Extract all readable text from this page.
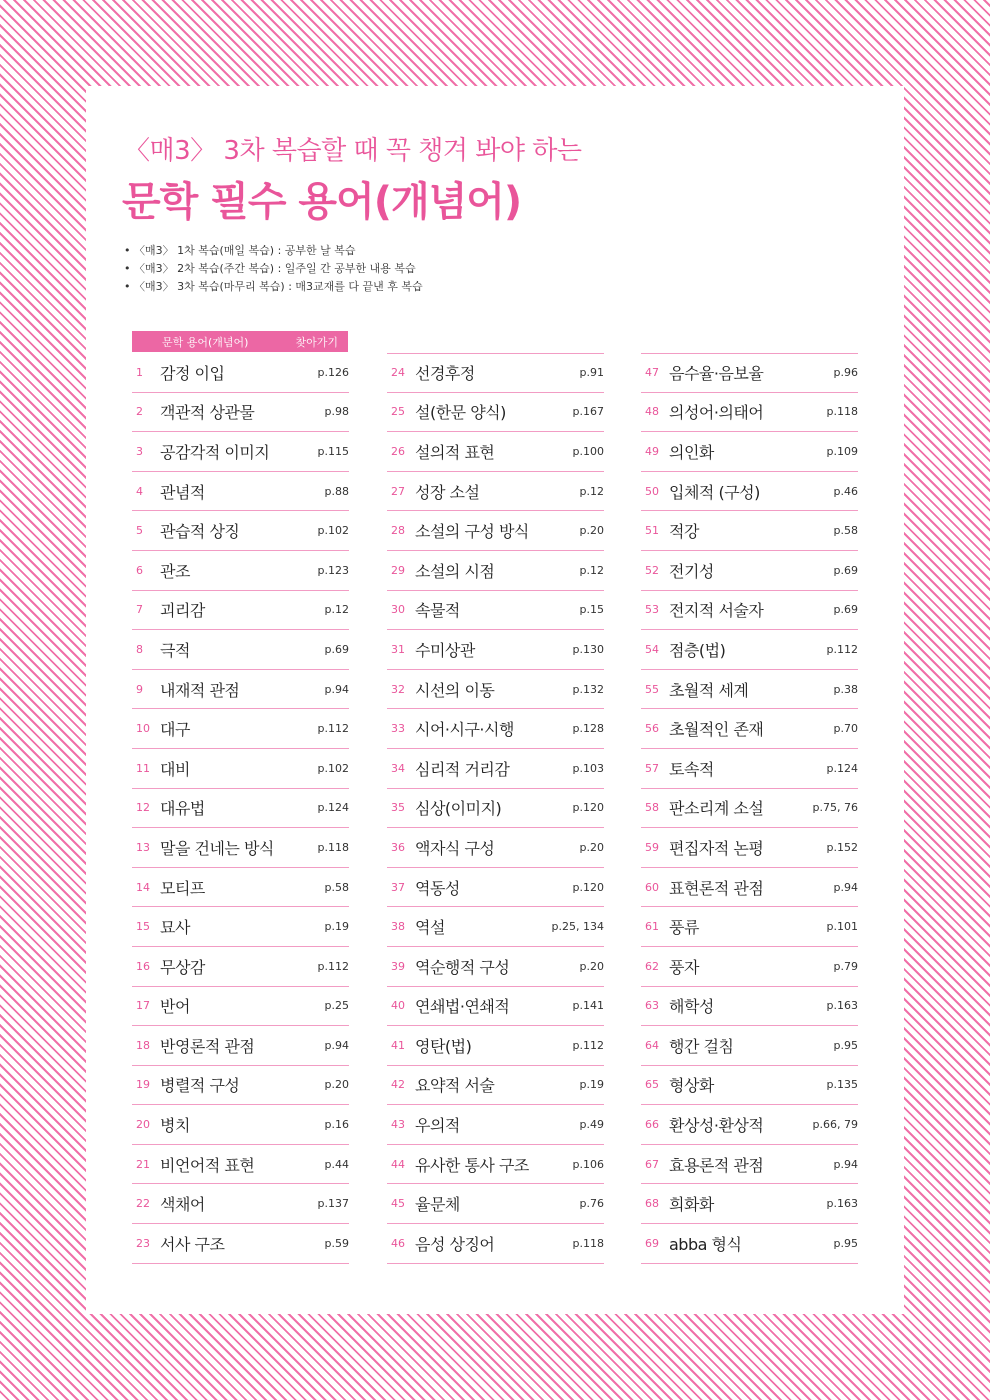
〈매3〉 3차 복습할 때 꼭 챙겨 봐야 하는
문학 필수 용어(개념어)
• 〈매3〉 1차 복습(매일 복습) : 공부한 날 복습
• 〈매3〉 2차 복습(주간 복습) : 일주일 간 공부한 내용 복습
• 〈매3〉 3차 복습(마무리 복습) : 매3교재를 다 끝낸 후 복습
문학 용어(개념어)	찾아가기
1	감정 이입	p.126
2	객관적 상관물	p.98
3	공감각적 이미지	p.115
4	관념적	p.88
5	관습적 상징	p.102
6	관조	p.123
7	괴리감	p.12
8	극적	p.69
9	내재적 관점	p.94
10 대구	p.112
11 대비	p.102
12 대유법	p.124
13 말을 건네는 방식	p.118
14 모티프	p.58
15 묘사	p.19
16 무상감	p.112
17 반어	p.25
18 반영론적 관점	p.94
19 병렬적 구성	p.20
20 병치	p.16
21 비언어적 표현	p.44
22 색채어	p.137
23 서사 구조	p.59
24 선경후정	p.91
25 설(한문 양식)	p.167
26 설의적 표현	p.100
27 성장 소설	p.12
28 소설의 구성 방식	p.20
29 소설의 시점	p.12
30 속물적	p.15
31 수미상관	p.130
32 시선의 이동	p.132
33 시어·시구·시행	p.128
34 심리적 거리감	p.103
35 심상(이미지)	p.120
36 액자식 구성	p.20
37 역동성	p.120
38 역설	p.25, 134
39 역순행적 구성	p.20
40 연쇄법·연쇄적	p.141
41 영탄(법)	p.112
42 요약적 서술	p.19
43 우의적	p.49
44 유사한 통사 구조	p.106
45 율문체	p.76
46 음성 상징어	p.118
47 음수율·음보율	p.96
48 의성어·의태어	p.118
49 의인화	p.109
50 입체적 (구성)	p.46
51 적강	p.58
52 전기성	p.69
53 전지적 서술자	p.69
54 점층(법)	p.112
55 초월적 세계	p.38
56 초월적인 존재	p.70
57 토속적	p.124
58 판소리계 소설	p.75, 76
59 편집자적 논평	p.152
60 표현론적 관점	p.94
61 풍류	p.101
62 풍자	p.79
63 해학성	p.163
64 행간 걸침	p.95
65 형상화	p.135
66 환상성·환상적	p.66, 79
67 효용론적 관점	p.94
68 희화화	p.163
69 abba 형식	p.95
